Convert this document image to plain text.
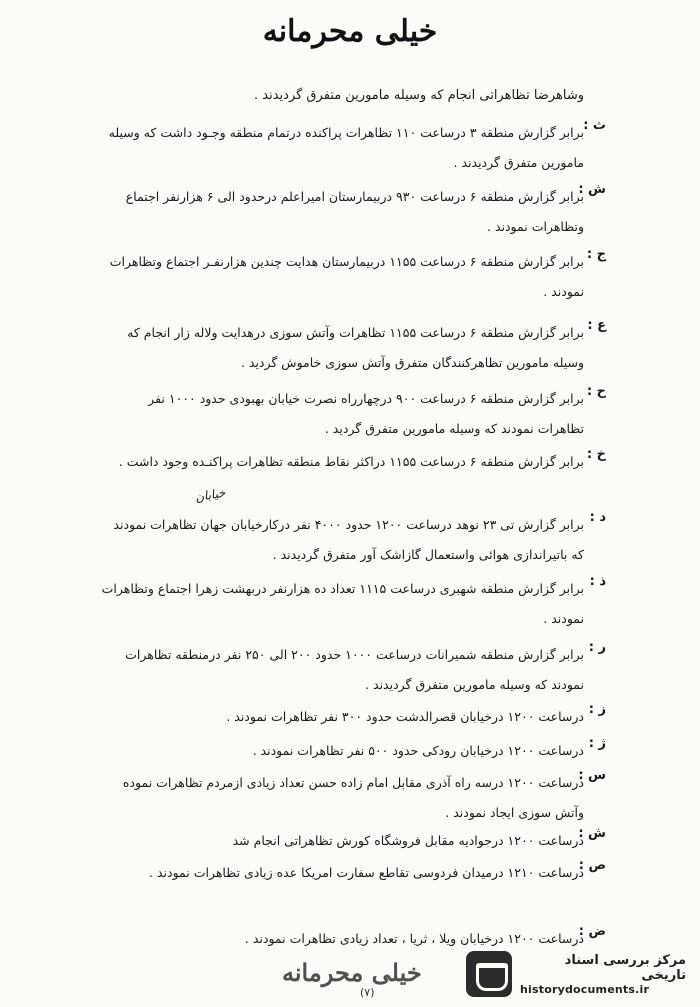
خیلی محرمانه
وشاهرضا تظاهراتی انجام که وسیله مامورین متفرق گردیدند .
ث :
برابر گزارش منطقه ۳ درساعت ۱۱۰ تظاهرات پراکنده درتمام منطقه وجـود داشت که وسیله مامورین متفرق گردیدند .
ش :
برابر گزارش منطقه ۶ درساعت ۹۳۰ دربیمارستان امیراعلم درحدود الی ۶ هزارنفر اجتماع وتظاهرات نمودند .
ج :
برابر گزارش منطقه ۶ درساعت ۱۱۵۵ دربیمارستان هدایت چندین هزارنفـر اجتماع وتظاهرات نمودند .
ع :
برابر گزارش منطقه ۶ درساعت ۱۱۵۵ تظاهرات وآتش سوزی درهدایت ولاله زار انجام که وسیله مامورین تظاهرکنندگان متفرق وآتش سوزی خاموش گردید .
ح :
برابر گزارش منطقه ۶ درساعت ۹۰۰ درچهارراه نصرت خیابان بهبودی حدود ۱۰۰۰ نفر تظاهرات نمودند که وسیله مامورین متفرق گردید .
خ :
برابر گزارش منطقه ۶ درساعت ۱۱۵۵ دراکثر نقاط منطقه تظاهرات پراکنـده وجود داشت .
د :
برابر گزارش تی ۲۳ نوهد درساعت ۱۲۰۰ حدود ۴۰۰۰ نفر درکارخیابان جهان تظاهرات نمودند که باتیراندازی هوائی واستعمال گازاشک آور متفرق گردیدند .
ذ :
برابر گزارش منطقه شهبری درساعت ۱۱۱۵ تعداد ده هزارنفر دربهشت زهرا اجتماع وتظاهرات نمودند .
ر :
برابر گزارش منطقه شمیرانات درساعت ۱۰۰۰ حدود ۲۰۰ الی ۲۵۰ نفر درمنطقه تظاهرات نمودند که وسیله مامورین متفرق گردیدند .
ز :
درساعت ۱۲۰۰ درخیابان قصرالدشت حدود ۳۰۰ نفر تظاهرات نمودند .
ژ :
درساعت ۱۲۰۰ درخیابان رودکی حدود ۵۰۰ نفر تظاهرات نمودند .
س :
درساعت ۱۲۰۰ درسه راه آذری مقابل امام زاده حسن تعداد زیادی ازمردم تظاهرات نموده وآتش سوزی ایجاد نمودند .
ش :
درساعت ۱۲۰۰ درجوادیه مقابل فروشگاه کورش تظاهراتی انجام شد
ص :
درساعت ۱۲۱۰ درمیدان فردوسی تقاطع سفارت امریکا عده زیادی تظاهرات نمودند .
ض :
درساعت ۱۲۰۰ درخیابان ویلا ، ثریا ، تعداد زیادی تظاهرات نمودند .
خیابان
خیلی محرمانه
(۷)
مرکز بررسی اسناد تاریخی
historydocuments.ir
